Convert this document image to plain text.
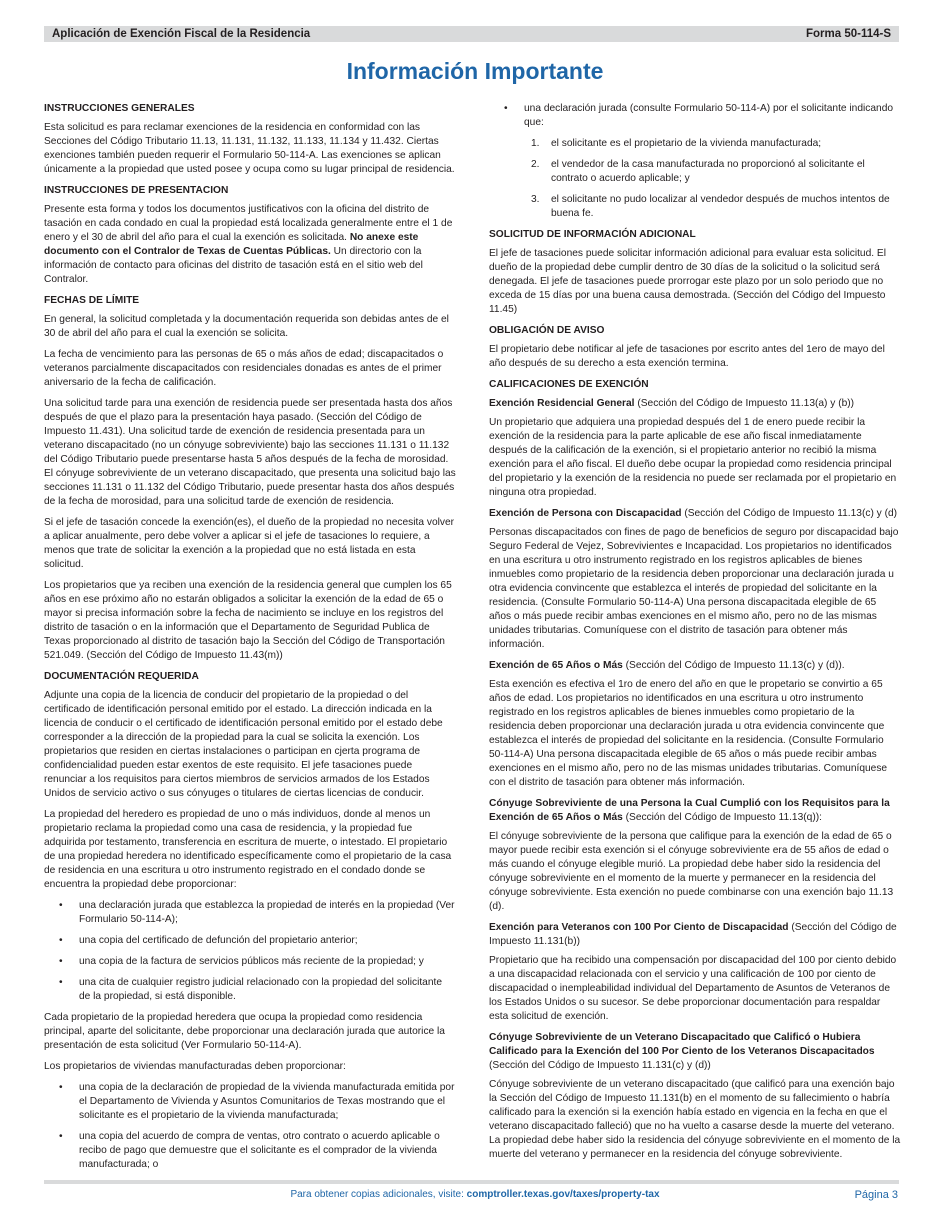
Aplicación de Exención Fiscal de la Residencia	Forma 50-114-S
Información Importante
INSTRUCCIONES GENERALES

Esta solicitud es para reclamar exenciones de la residencia en conformidad con las Secciones del Código Tributario 11.13, 11.131, 11.132, 11.133, 11.134 y 11.432. Ciertas exenciones también pueden requerir el Formulario 50-114-A. Las exenciones se aplican únicamente a la propiedad que usted posee y ocupa como su lugar principal de residencia.

INSTRUCCIONES DE PRESENTACION

Presente esta forma y todos los documentos justificativos con la oficina del distrito de tasación en cada condado en cual la propiedad está localizada generalmente entre el 1 de enero y el 30 de abril del año para el cual la exención es solicitada. No anexe este documento con el Contralor de Texas de Cuentas Públicas. Un directorio con la información de contacto para oficinas del distrito de tasación está en el sitio web del Contralor.

FECHAS DE LÍMITE

En general, la solicitud completada y la documentación requerida son debidas antes de el 30 de abril del año para el cual la exención se solicita.

La fecha de vencimiento para las personas de 65 o más años de edad; discapacitados o veteranos parcialmente discapacitados con residenciales donadas es antes de el primer aniversario de la fecha de calificación.

Una solicitud tarde para una exención de residencia puede ser presentada hasta dos años después de que el plazo para la presentación haya pasado. (Sección del Código de Impuesto 11.431). Una solicitud tarde de exención de residencia presentada para un veterano discapacitado (no un cónyuge sobreviviente) bajo las secciones 11.131 o 11.132 del Código Tributario puede presentarse hasta 5 años después de la fecha de morosidad. El cónyuge sobreviviente de un veterano discapacitado, que presenta una solicitud bajo las secciones 11.131 o 11.132 del Código Tributario, puede presentar hasta dos años después de la fecha de morosidad, para una solicitud tarde de exención de residencia.

Si el jefe de tasación concede la exención(es), el dueño de la propiedad no necesita volver a aplicar anualmente, pero debe volver a aplicar si el jefe de tasaciones lo requiere, a menos que trate de solicitar la exención a la propiedad que no está listada en esta solicitud.

Los propietarios que ya reciben una exención de la residencia general que cumplen los 65 años en ese próximo año no estarán obligados a solicitar la exención de la edad de 65 o mayor si precisa información sobre la fecha de nacimiento se incluye en los registros del distrito de tasación o en la información que el Departamento de Seguridad Publica de Texas proporcionado al distrito de tasación bajo la Sección del Código de Transportación 521.049. (Sección del Código de Impuesto 11.43(m))

DOCUMENTACIÓN REQUERIDA

Adjunte una copia de la licencia de conducir del propietario de la propiedad o del certificado de identificación personal emitido por el estado. La dirección indicada en la licencia de conducir o el certificado de identificación personal emitido por el estado debe corresponder a la dirección de la propiedad para la cual se solicita la exención. Los propietarios que residen en ciertas instalaciones o participan en cjerta programa de confidencialidad pueden estar exentos de este requisito. El jefe tasaciones puede renunciar a los requisitos para ciertos miembros de servicios armados de los Estados Unidos de servicio activo o sus cónyuges o titulares de ciertas licencias de conducir.

La propiedad del heredero es propiedad de uno o más individuos, donde al menos un propietario reclama la propiedad como una casa de residencia, y la propiedad fue adquirida por testamento, transferencia en escritura de muerte, o intestado. El propietario de una propiedad heredera no identificado específicamente como el propietario de la casa de residencia en una escritura u otro instrumento registrado en el condado donde se encuentra la propiedad debe proporcionar:

• una declaración jurada que establezca la propiedad de interés en la propiedad (Ver Formulario 50-114-A);
• una copia del certificado de defunción del propietario anterior;
• una copia de la factura de servicios públicos más reciente de la propiedad; y
• una cita de cualquier registro judicial relacionado con la propiedad del solicitante de la propiedad, si está disponible.

Cada propietario de la propiedad heredera que ocupa la propiedad como residencia principal, aparte del solicitante, debe proporcionar una declaración jurada que autorice la presentación de esta solicitud (Ver Formulario 50-114-A).

Los propietarios de viviendas manufacturadas deben proporcionar:

• una copia de la declaración de propiedad de la vivienda manufacturada emitida por el Departamento de Vivienda y Asuntos Comunitarios de Texas mostrando que el solicitante es el propietario de la vivienda manufacturada;
• una copia del acuerdo de compra de ventas, otro contrato o acuerdo aplicable o recibo de pago que demuestre que el solicitante es el comprador de la vivienda manufacturada; o
• una declaración jurada (consulte Formulario 50-114-A) por el solicitante indicando que:
1. el solicitante es el propietario de la vivienda manufacturada;
2. el vendedor de la casa manufacturada no proporcionó al solicitante el contrato o acuerdo aplicable; y
3. el solicitante no pudo localizar al vendedor después de muchos intentos de buena fe.
SOLICITUD DE INFORMACIÓN ADICIONAL

El jefe de tasaciones puede solicitar información adicional para evaluar esta solicitud. El dueño de la propiedad debe cumplir dentro de 30 días de la solicitud o la solicitud será denegada. El jefe de tasaciones puede prorrogar este plazo por un solo periodo que no exceda de 15 días por una buena causa demostrada. (Sección del Código del Impuesto 11.45)

OBLIGACIÓN DE AVISO

El propietario debe notificar al jefe de tasaciones por escrito antes del 1ero de mayo del año después de su derecho a esta exención termina.

CALIFICACIONES DE EXENCIÓN
Exención Residencial General (Sección del Código de Impuesto 11.13(a) y (b))

Un propietario que adquiera una propiedad después del 1 de enero puede recibir la exención de la residencia para la parte aplicable de ese año fiscal inmediatamente después de la calificación de la exención, si el propietario anterior no recibió la misma exención para el año fiscal. El dueño debe ocupar la propiedad como residencia principal del propietario y la exención de la residencia no puede ser reclamada por el propietario en ninguna otra propiedad.

Exención de Persona con Discapacidad (Sección del Código de Impuesto 11.13(c) y (d)

Personas discapacitados con fines de pago de beneficios de seguro por discapacidad bajo Seguro Federal de Vejez, Sobrevivientes e Incapacidad. Los propietarios no identificados en una escritura u otro instrumento registrado en los registros aplicables de bienes inmuebles como propietario de la residencia deben proporcionar una declaración jurada u otra evidencia convincente que establezca el interés de propiedad del solicitante en la residencia. (Consulte Formulario 50-114-A) Una persona discapacitada elegible de 65 años o más puede recibir ambas exenciones en el mismo año, pero no de las mismas unidades tributarias. Comuníquese con el distrito de tasación para obtener más información.

Exención de 65 Años o Más (Sección del Código de Impuesto 11.13(c) y (d)).

Esta exención es efectiva el 1ro de enero del año en que le propetario se convirtio a 65 años de edad. Los propietarios no identificados en una escritura u otro instrumento registrado en los registros aplicables de bienes inmuebles como propietario de la residencia deben proporcionar una declaración jurada u otra evidencia convincente que establezca el interés de propiedad del solicitante en la residencia. (Consulte Formulario 50-114-A) Una persona discapacitada elegible de 65 años o más puede recibir ambas exenciones en el mismo año, pero no de las mismas unidades tributarias. Comuníquese con el distrito de tasación para obtener más información.

Cónyuge Sobreviviente de una Persona la Cual Cumplió con los Requisitos para la Exención de 65 Años o Más (Sección del Código de Impuesto 11.13(q)):

El cónyuge sobreviviente de la persona que califique para la exención de la edad de 65 o mayor puede recibir esta exención si el cónyuge sobreviviente era de 55 años de edad o más cuando el cónyuge elegible murió. La propiedad debe haber sido la residencia del cónyuge sobreviviente en el momento de la muerte y permanecer en la residencia del cónyuge sobreviviente. Esta exención no puede combinarse con una exención bajo 11.13 (d).

Exención para Veteranos con 100 Por Ciento de Discapacidad (Sección del Código de Impuesto 11.131(b))

Propietario que ha recibido una compensación por discapacidad del 100 por ciento debido a una discapacidad relacionada con el servicio y una calificación de 100 por ciento de discapacidad o inempleabilidad individual del Departamento de Asuntos de Veteranos de los Estados Unidos o su sucesor. Se debe proporcionar documentación para respaldar esta solicitud de exención.

Cónyuge Sobreviviente de un Veterano Discapacitado que Calificó o Hubiera Calificado para la Exención del 100 Por Ciento de los Veteranos Discapacitados
(Sección del Código de Impuesto 11.131(c) y (d))

Cónyuge sobreviviente de un veterano discapacitado (que calificó para una exención bajo la Sección del Código de Impuesto 11.131(b) en el momento de su fallecimiento o habría calificado para la exención si la exención había estado en vigencia en la fecha en que el veterano discapacitado falleció) que no ha vuelto a casarse desde la muerte del veterano. La propiedad debe haber sido la residencia del cónyuge sobreviviente en el momento de la muerte del veterano y permanecer en la residencia del cónyuge sobreviviente.

Para obtener copias adicionales, visite: comptroller.texas.gov/taxes/property-tax	Página 3
